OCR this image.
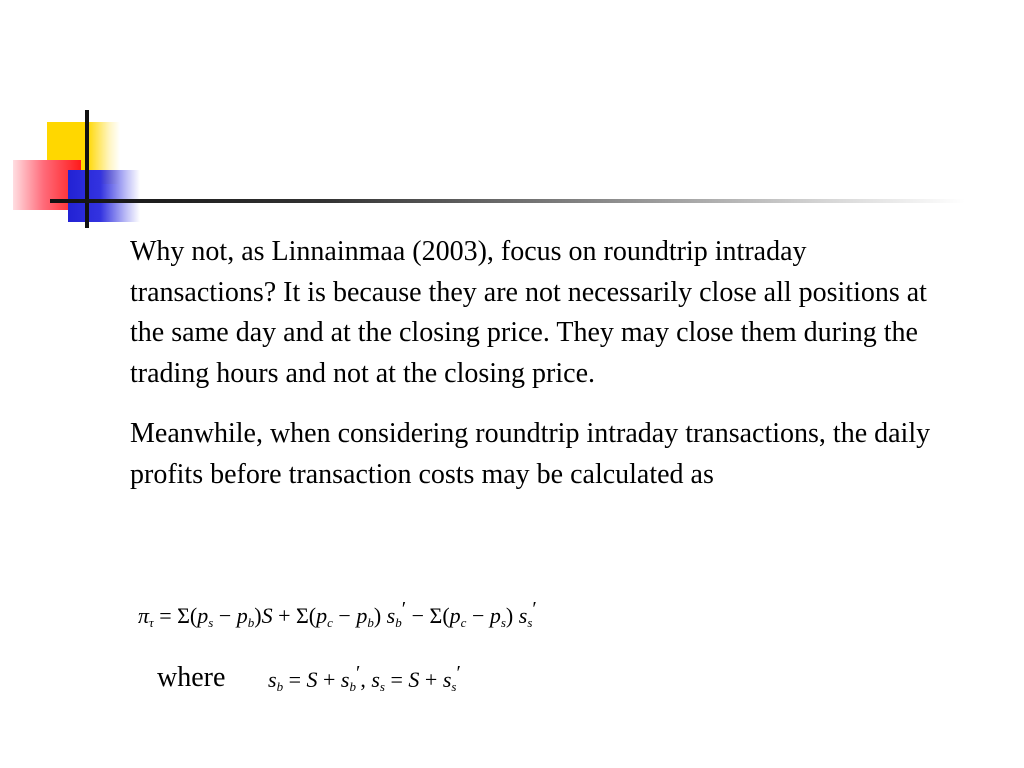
Why not, as Linnainmaa (2003), focus on roundtrip intraday transactions? It is because they are not necessarily close all positions at the same day and at the closing price. They may close them during the trading hours and not at the closing price.

Meanwhile, when considering roundtrip intraday transactions, the daily profits before transaction costs may be calculated as

$\pi_\tau = \Sigma(p_s - p_b)S + \Sigma(p_c - p_b) s_b' - \Sigma(p_c - p_s)$ $s_s'$
where $s_b = S + s_b'$, $s_s = S + s_s'$
